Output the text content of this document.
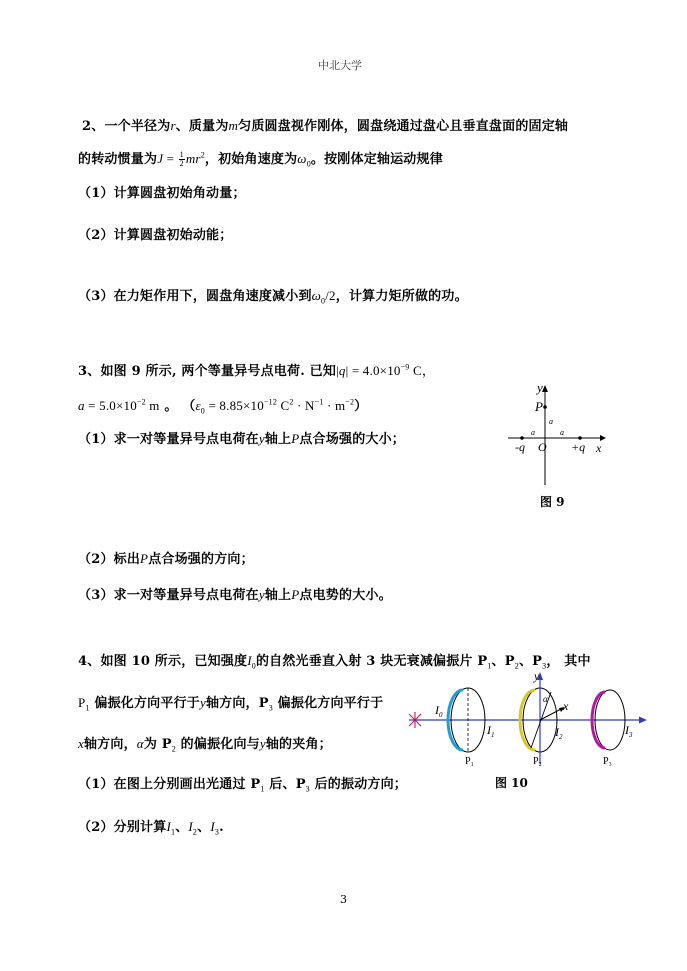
中北大学
2、一个半径为r、质量为m匀质圆盘视作刚体，圆盘绕通过盘心且垂直盘面的固定轴
的转动惯量为$J = \frac{1}{2} mr^2$，初始角速度为$\omega_0$。按刚体定轴运动规律
（1）计算圆盘初始角动量；
（2）计算圆盘初始动能；
（3）在力矩作用下，圆盘角速度减小到$\omega_0/2$，计算力矩所做的功。
3、如图 9 所示, 两个等量异号点电荷. 已知$|q| = 4.0\times 10^{-9}$ C，
$a = 5.0\times 10^{-2}$ m 。 （$\varepsilon_0 = 8.85\times 10^{-12}$ $C^2 \cdot N^{-1} \cdot m^{-2}$）
（1）求一对等量异号点电荷在y轴上P点合场强的大小；
y
P
a
a	a
-q O +q x
图 9
（2）标出P点合场强的方向；
（3）求一对等量异号点电荷在y轴上P点电势的大小。
4、如图 10 所示，已知强度$I_0$的自然光垂直入射 3 块无衰减偏振片 $P_1$、$P_2$、$P_3$， 其中
$P_1$ 偏振化方向平行于y轴方向，$P_3$ 偏振化方向平行于
x轴方向，α为 $P_2$ 的偏振化向与y轴的夹角；
（1）在图上分别画出光通过 $P_1$ 后、$P_3$ 后的振动方向；
（2）分别计算$I_1$、$I_2$、$I_3$.
$I_0$
$I_1$	$I_2$	$I_3$
y
x
α
$P_1$	$P_2$	$P_3$
图 10
3
